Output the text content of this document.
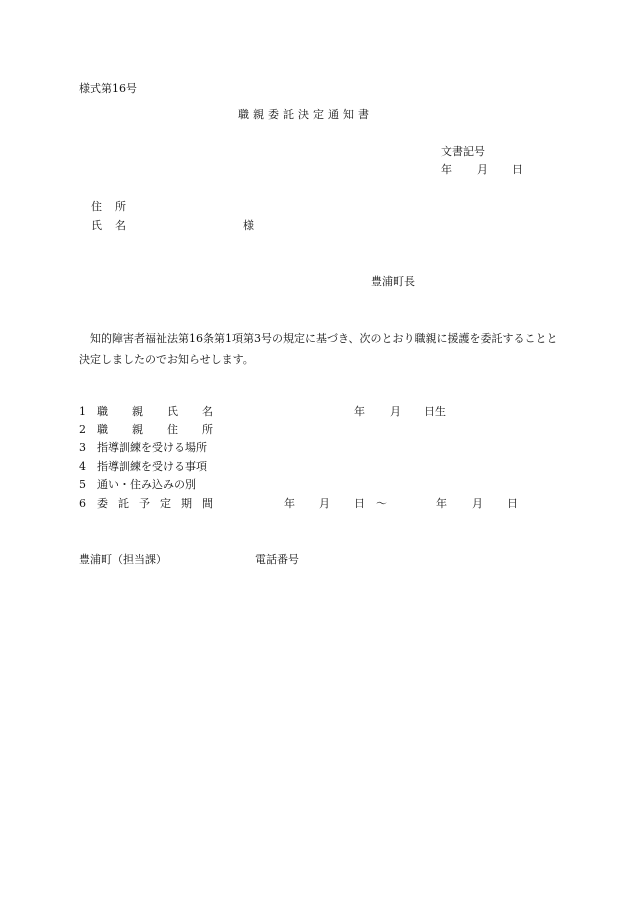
様式第16号
職親委託決定通知書
文書記号
年 月 日
住 所
氏 名	様
豊浦町長
知的障害者福祉法第16条第1項第3号の規定に基づき、次のとおり職親に援護を委託することと決定しましたのでお知らせします。
1 職 親 氏 名	年 月 日生
2 職 親 住 所
3 指導訓練を受ける場所
4 指導訓練を受ける事項
5 通い・住み込みの別
6 委 託 予 定 期 間	年 月 日 ～	年 月 日
豊浦町（担当課）	電話番号
